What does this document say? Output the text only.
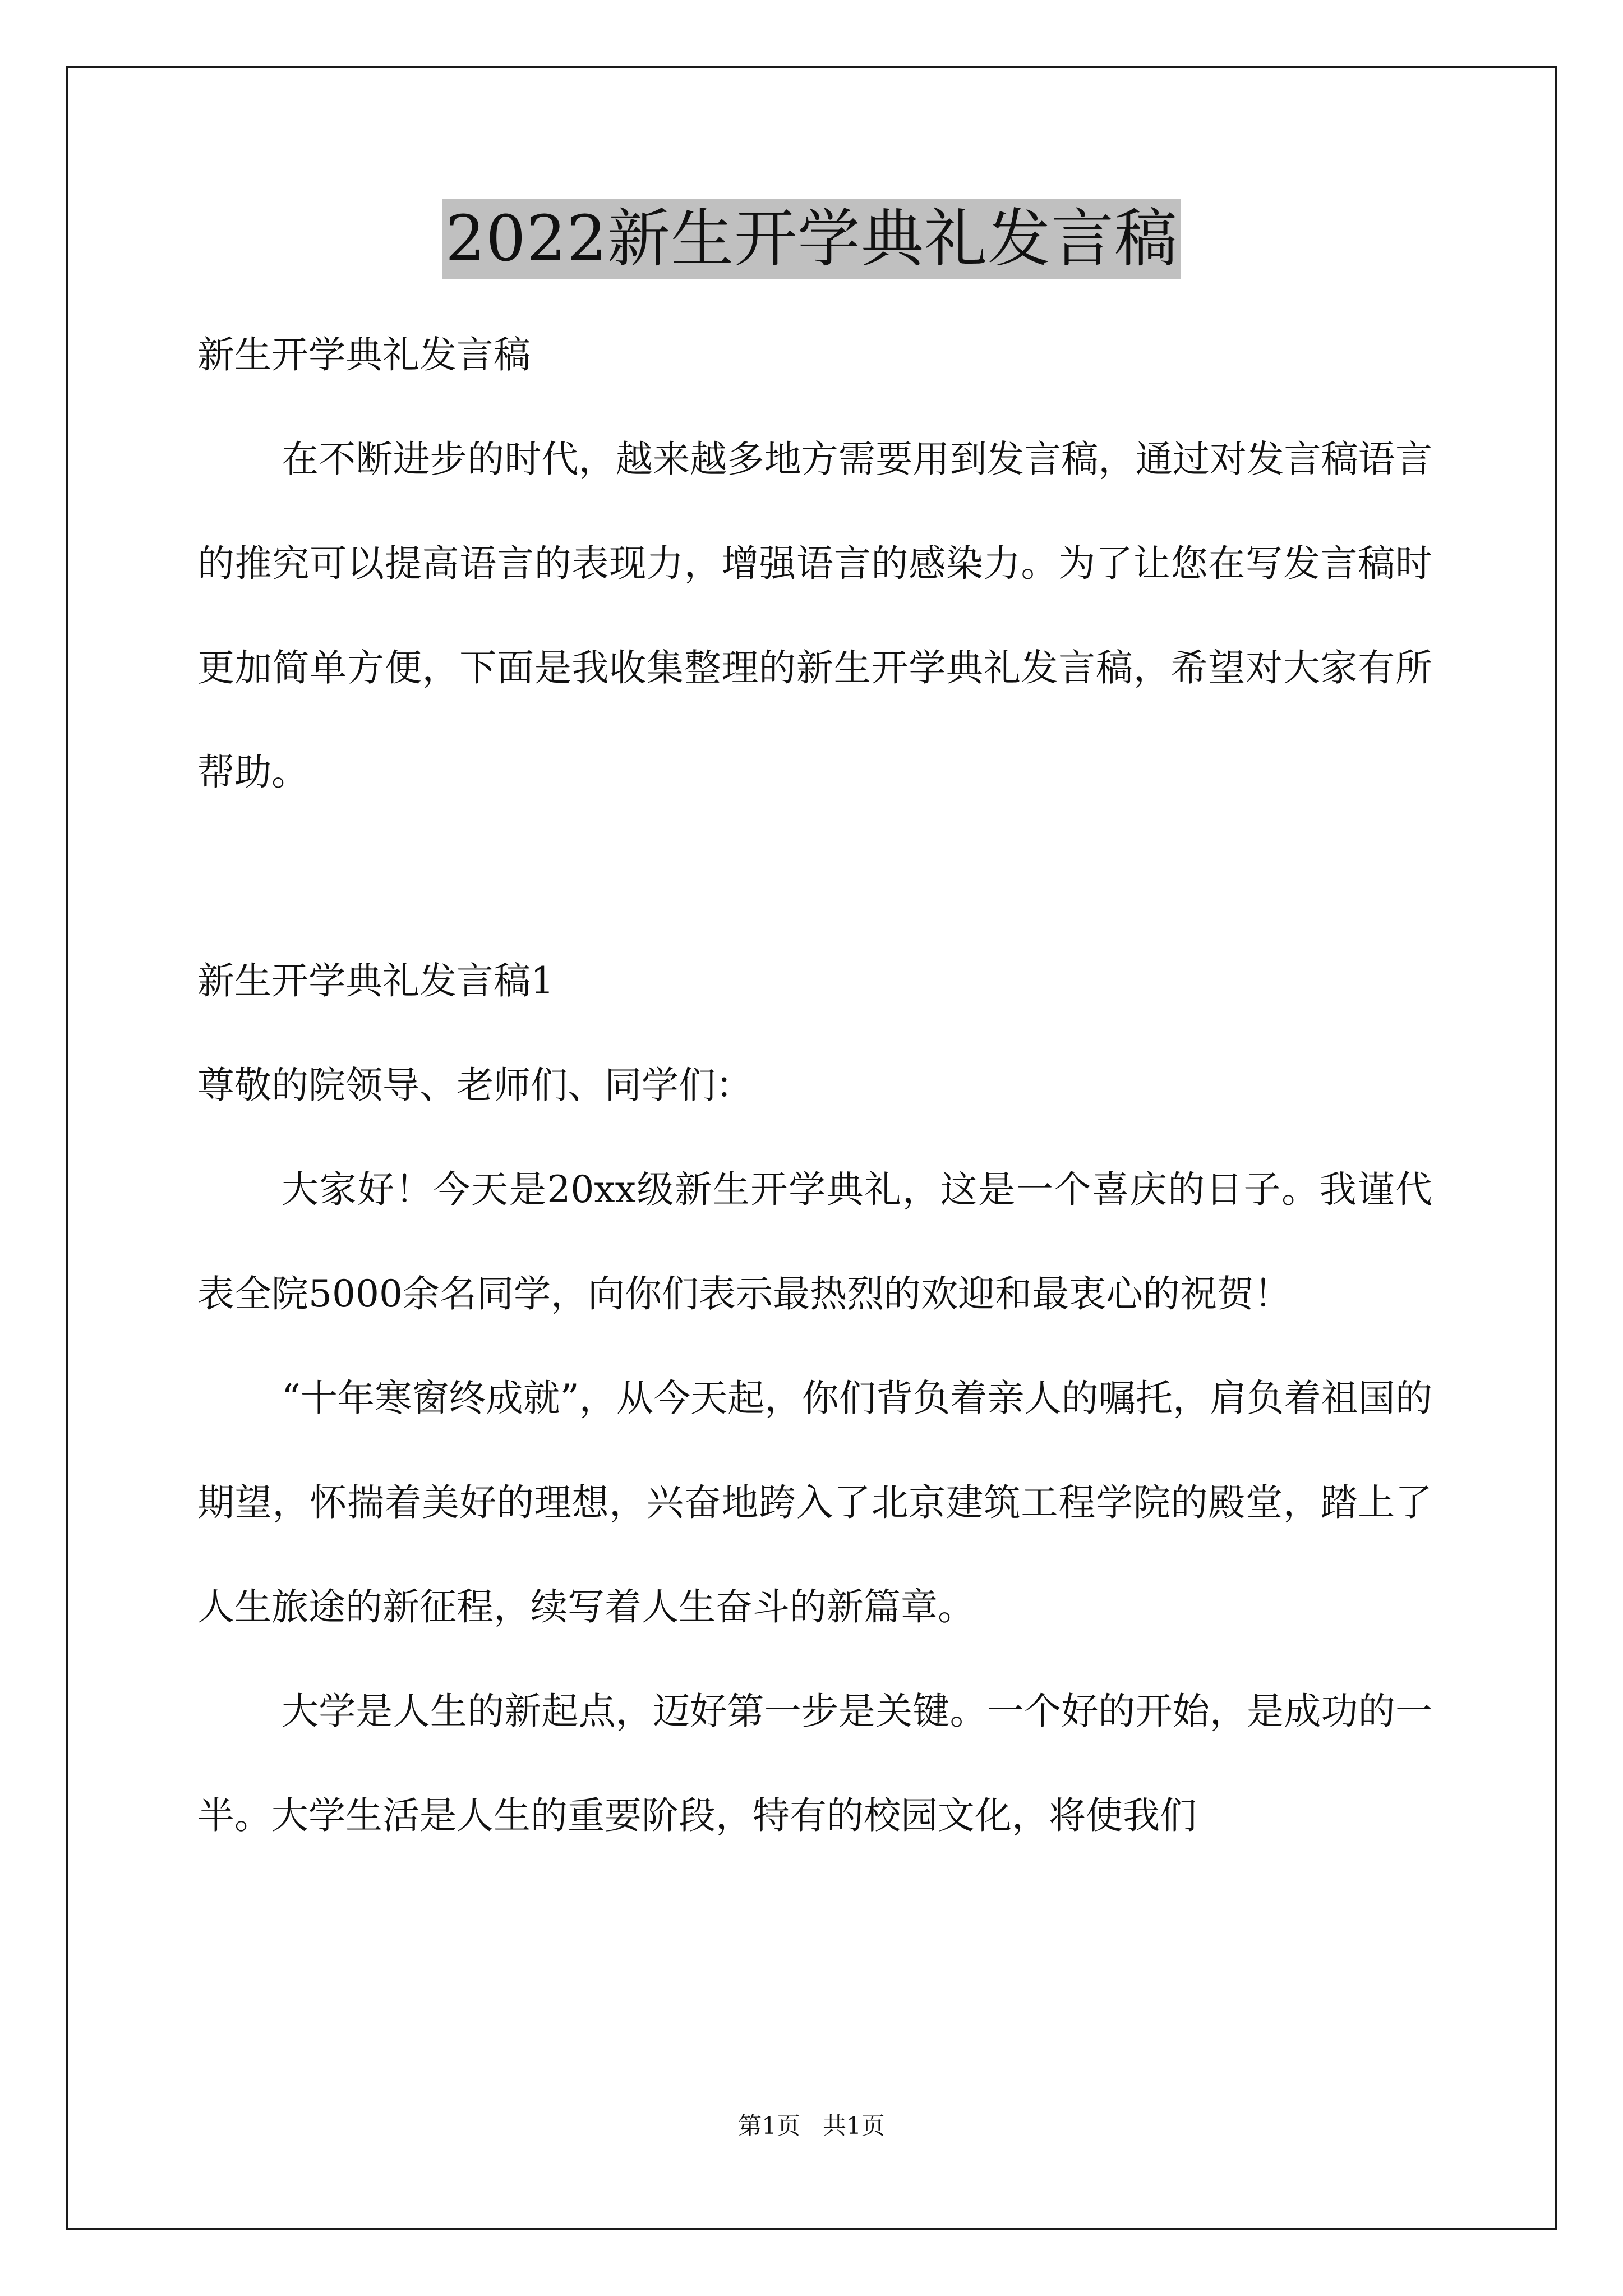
2022新生开学典礼发言稿

新生开学典礼发言稿

在不断进步的时代，越来越多地方需要用到发言稿，通过对发言稿语言的推究可以提高语言的表现力，增强语言的感染力。为了让您在写发言稿时更加简单方便，下面是我收集整理的新生开学典礼发言稿，希望对大家有所帮助。

新生开学典礼发言稿1

尊敬的院领导、老师们、同学们：

大家好！今天是20xx级新生开学典礼，这是一个喜庆的日子。我谨代表全院5000余名同学，向你们表示最热烈的欢迎和最衷心的祝贺！

“十年寒窗终成就”，从今天起，你们背负着亲人的嘱托，肩负着祖国的期望，怀揣着美好的理想，兴奋地跨入了北京建筑工程学院的殿堂，踏上了人生旅途的新征程，续写着人生奋斗的新篇章。

大学是人生的新起点，迈好第一步是关键。一个好的开始，是成功的一半。大学生活是人生的重要阶段，特有的校园文化，将使我们

第1页 共1页
